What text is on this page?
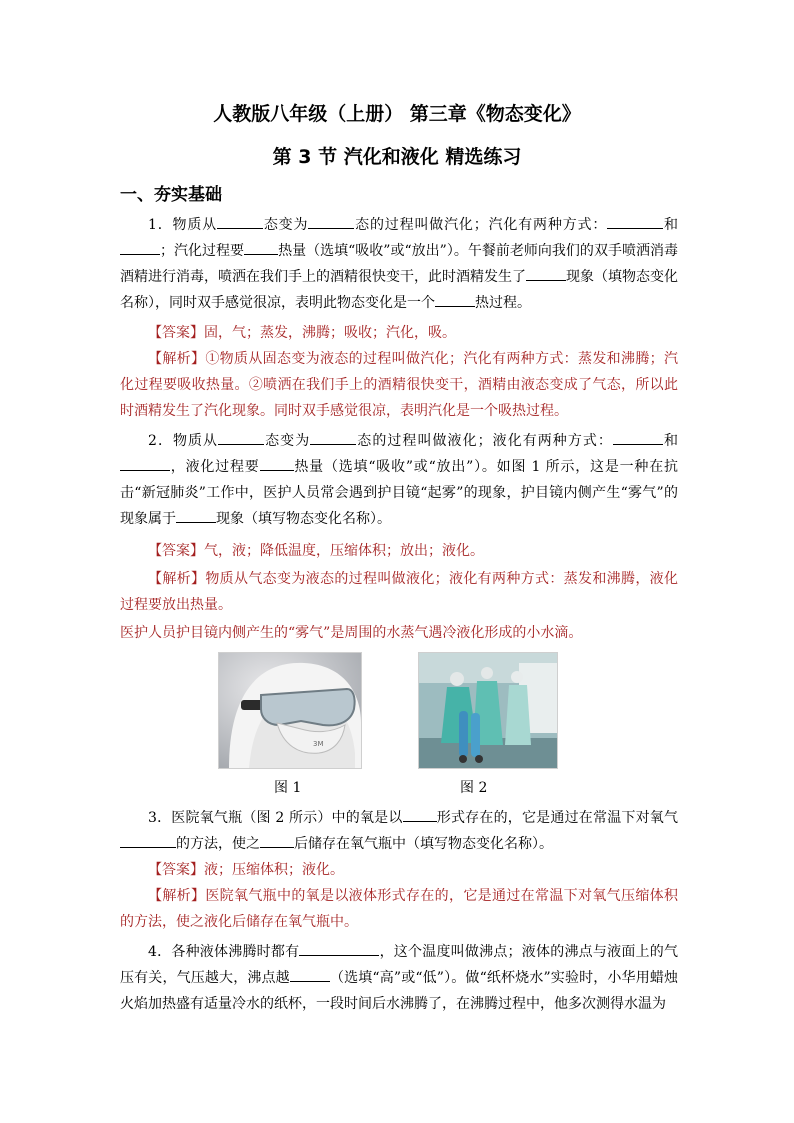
人教版八年级（上册） 第三章《物态变化》
第 3 节 汽化和液化 精选练习
一、夯实基础

1．物质从	态变为	态的过程叫做汽化；汽化有两种方式：	和；汽化过程要 热量（选填“吸收”或“放出”）。午餐前老师向我们的双手喷洒消毒酒精进行消毒，喷洒在我们手上的酒精很快变干，此时酒精发生了	现象（填物态变化名称），同时双手感觉很凉，表明此物态变化是一个	热过程。

【答案】固，气；蒸发，沸腾；吸收；汽化，吸。

【解析】①物质从固态变为液态的过程叫做汽化；汽化有两种方式：蒸发和沸腾；汽化过程要吸收热量。②喷洒在我们手上的酒精很快变干，酒精由液态变成了气态，所以此时酒精发生了汽化现象。同时双手感觉很凉，表明汽化是一个吸热过程。

2．物质从	态变为	态的过程叫做液化；液化有两种方式：	和，液化过程要 热量（选填“吸收”或“放出”）。如图 1 所示，这是一种在抗击“新冠肺炎”工作中，医护人员常会遇到护目镜“起雾”的现象，护目镜内侧产生“雾气”的现象属于	现象（填写物态变化名称）。

【答案】气，液；降低温度，压缩体积；放出；液化。

【解析】物质从气态变为液态的过程叫做液化；液化有两种方式：蒸发和沸腾，液化过程要放出热量。

医护人员护目镜内侧产生的“雾气”是周围的水蒸气遇冷液化形成的小水滴。

3M
图 1	图 2

3．医院氧气瓶（图 2 所示）中的氧是以 形式存在的，它是通过在常温下对氧气的方法，使之 后储存在氧气瓶中（填写物态变化名称）。

【答案】液；压缩体积；液化。

【解析】医院氧气瓶中的氧是以液体形式存在的，它是通过在常温下对氧气压缩体积的方法，使之液化后储存在氧气瓶中。

4．各种液体沸腾时都有	，这个温度叫做沸点；液体的沸点与液面上的气压有关，气压越大，沸点越	（选填“高”或“低”）。做“纸杯烧水”实验时，小华用蜡烛火焰加热盛有适量冷水的纸杯，一段时间后水沸腾了，在沸腾过程中，他多次测得水温为
